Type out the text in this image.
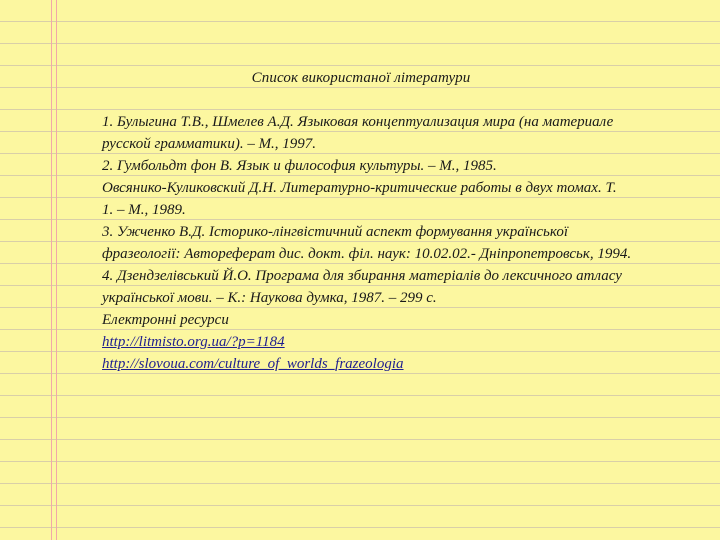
Список використаної літератури
1. Булыгина Т.В., Шмелев А.Д. Языковая концептуализация мира (на материале
русской грамматики). – М., 1997.
2. Гумбольдт фон В. Язык и философия культуры. – М., 1985.
Овсянико-Куликовский Д.Н. Литературно-критические работы в двух томах. Т.
1. – М., 1989.
3. Ужченко В.Д. Історико-лінгвістичний аспект формування української
фразеології: Автореферат дис. докт. філ. наук: 10.02.02.- Дніпропетровськ, 1994.
4. Дзендзелівський Й.О. Програма для збирання матеріалів до лексичного атласу
української мови. – К.: Наукова думка, 1987. – 299 с.
Електронні ресурси
http://litmisto.org.ua/?p=1184
http://slovoua.com/culture_of_worlds_frazeologia
